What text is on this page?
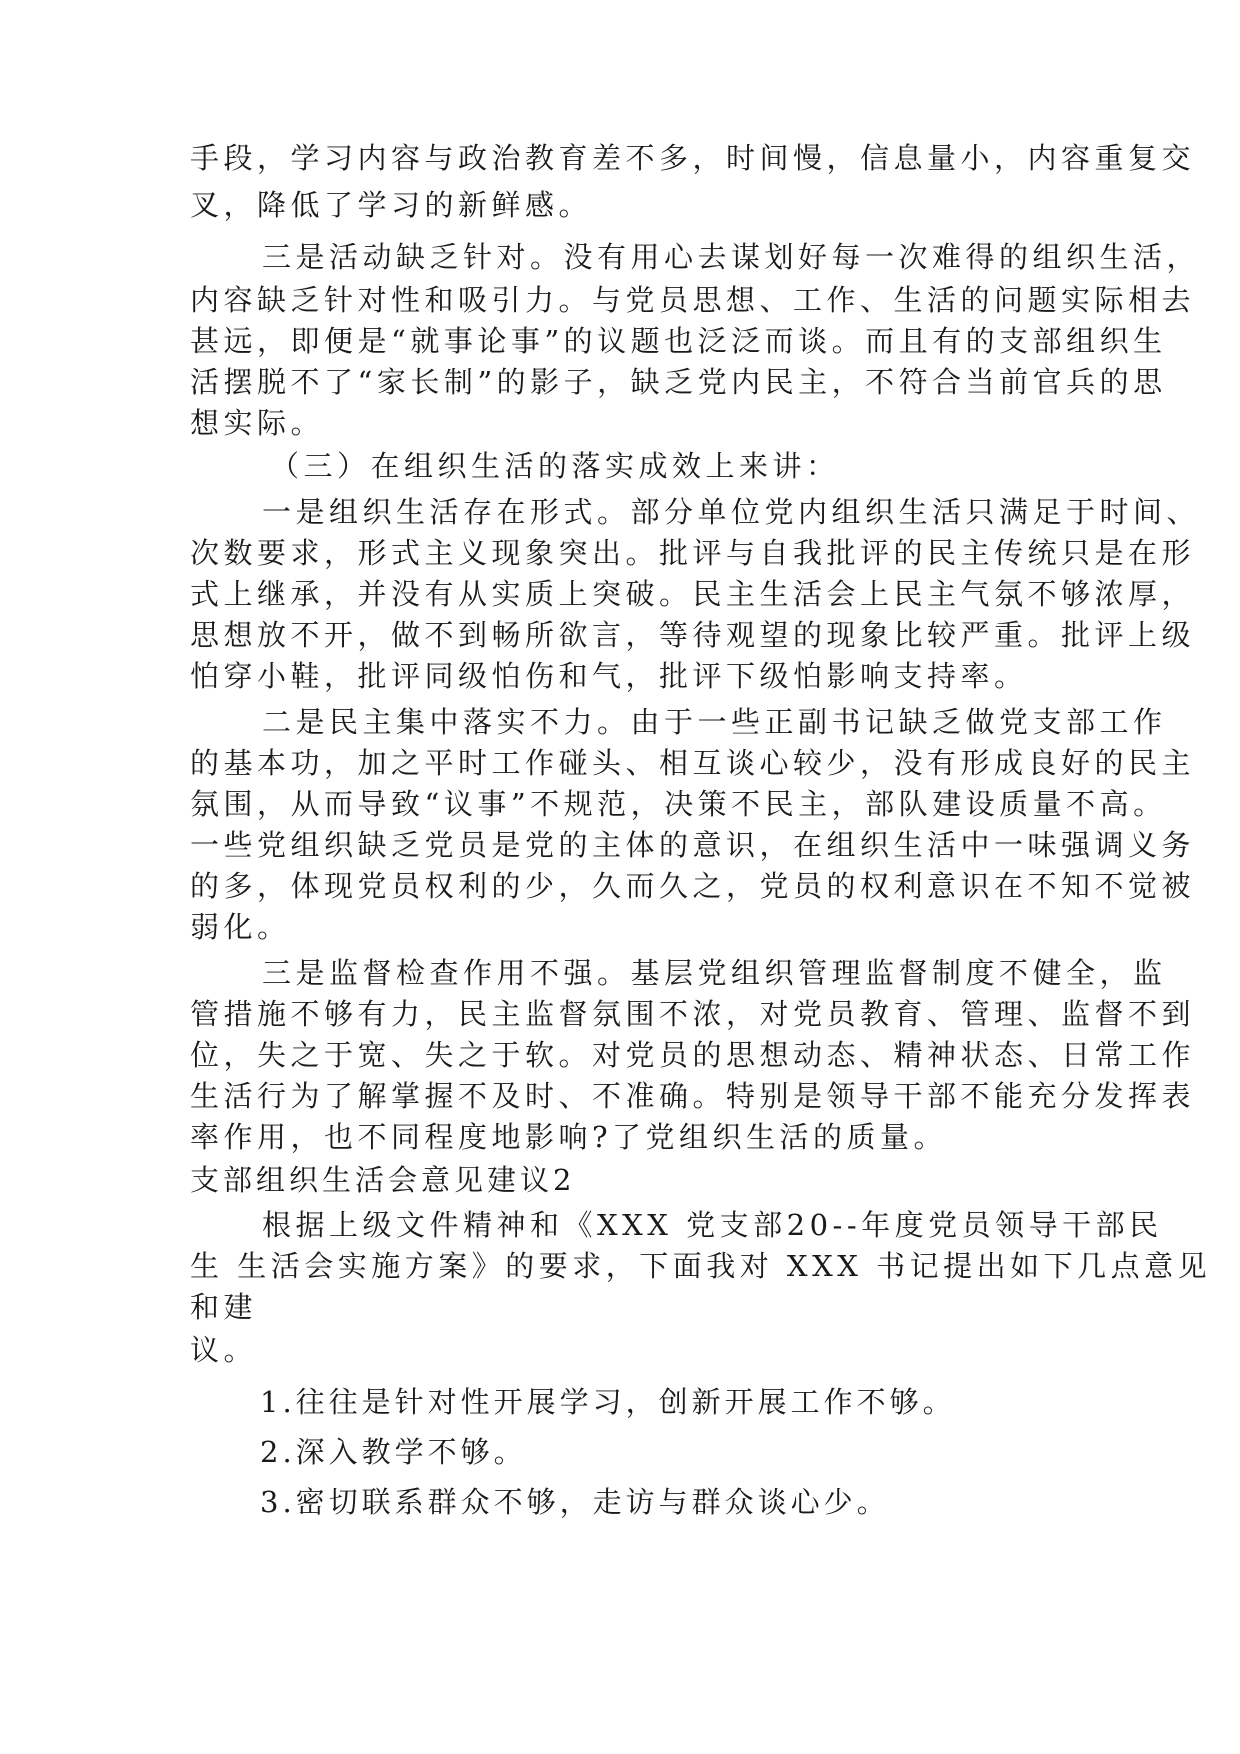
手段，学习内容与政治教育差不多，时间慢，信息量小，内容重复交
叉，降低了学习的新鲜感。
三是活动缺乏针对。没有用心去谋划好每一次难得的组织生活，
内容缺乏针对性和吸引力。与党员思想、工作、生活的问题实际相去
甚远，即便是“就事论事”的议题也泛泛而谈。而且有的支部组织生
活摆脱不了“家长制”的影子，缺乏党内民主，不符合当前官兵的思
想实际。
（三）在组织生活的落实成效上来讲：
一是组织生活存在形式。部分单位党内组织生活只满足于时间、
次数要求，形式主义现象突出。批评与自我批评的民主传统只是在形
式上继承，并没有从实质上突破。民主生活会上民主气氛不够浓厚，
思想放不开，做不到畅所欲言，等待观望的现象比较严重。批评上级
怕穿小鞋，批评同级怕伤和气，批评下级怕影响支持率。
二是民主集中落实不力。由于一些正副书记缺乏做党支部工作
的基本功，加之平时工作碰头、相互谈心较少，没有形成良好的民主
氛围，从而导致“议事”不规范，决策不民主，部队建设质量不高。
一些党组织缺乏党员是党的主体的意识，在组织生活中一味强调义务
的多，体现党员权利的少，久而久之，党员的权利意识在不知不觉被
弱化。
三是监督检查作用不强。基层党组织管理监督制度不健全，监
管措施不够有力，民主监督氛围不浓，对党员教育、管理、监督不到
位，失之于宽、失之于软。对党员的思想动态、精神状态、日常工作
生活行为了解掌握不及时、不准确。特别是领导干部不能充分发挥表
率作用，也不同程度地影响?了党组织生活的质量。
支部组织生活会意见建议2
根据上级文件精神和《XXX 党支部20--年度党员领导干部民
生 生活会实施方案》的要求，下面我对 XXX 书记提出如下几点意见
和建
议。
1.往往是针对性开展学习，创新开展工作不够。
2.深入教学不够。
3.密切联系群众不够，走访与群众谈心少。
